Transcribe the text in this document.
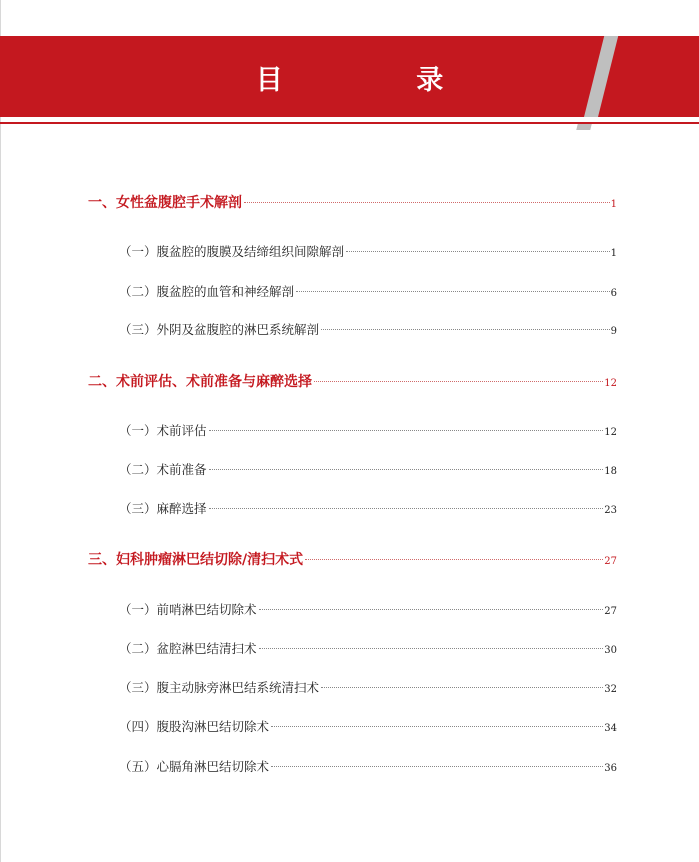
目 录
一、女性盆腹腔手术解剖	1
（一）腹盆腔的腹膜及结缔组织间隙解剖	1
（二）腹盆腔的血管和神经解剖	6
（三）外阴及盆腹腔的淋巴系统解剖	9
二、术前评估、术前准备与麻醉选择	12
（一）术前评估	12
（二）术前准备	18
（三）麻醉选择	23
三、妇科肿瘤淋巴结切除/清扫术式	27
（一）前哨淋巴结切除术	27
（二）盆腔淋巴结清扫术	30
（三）腹主动脉旁淋巴结系统清扫术	32
（四）腹股沟淋巴结切除术	34
（五）心膈角淋巴结切除术	36
